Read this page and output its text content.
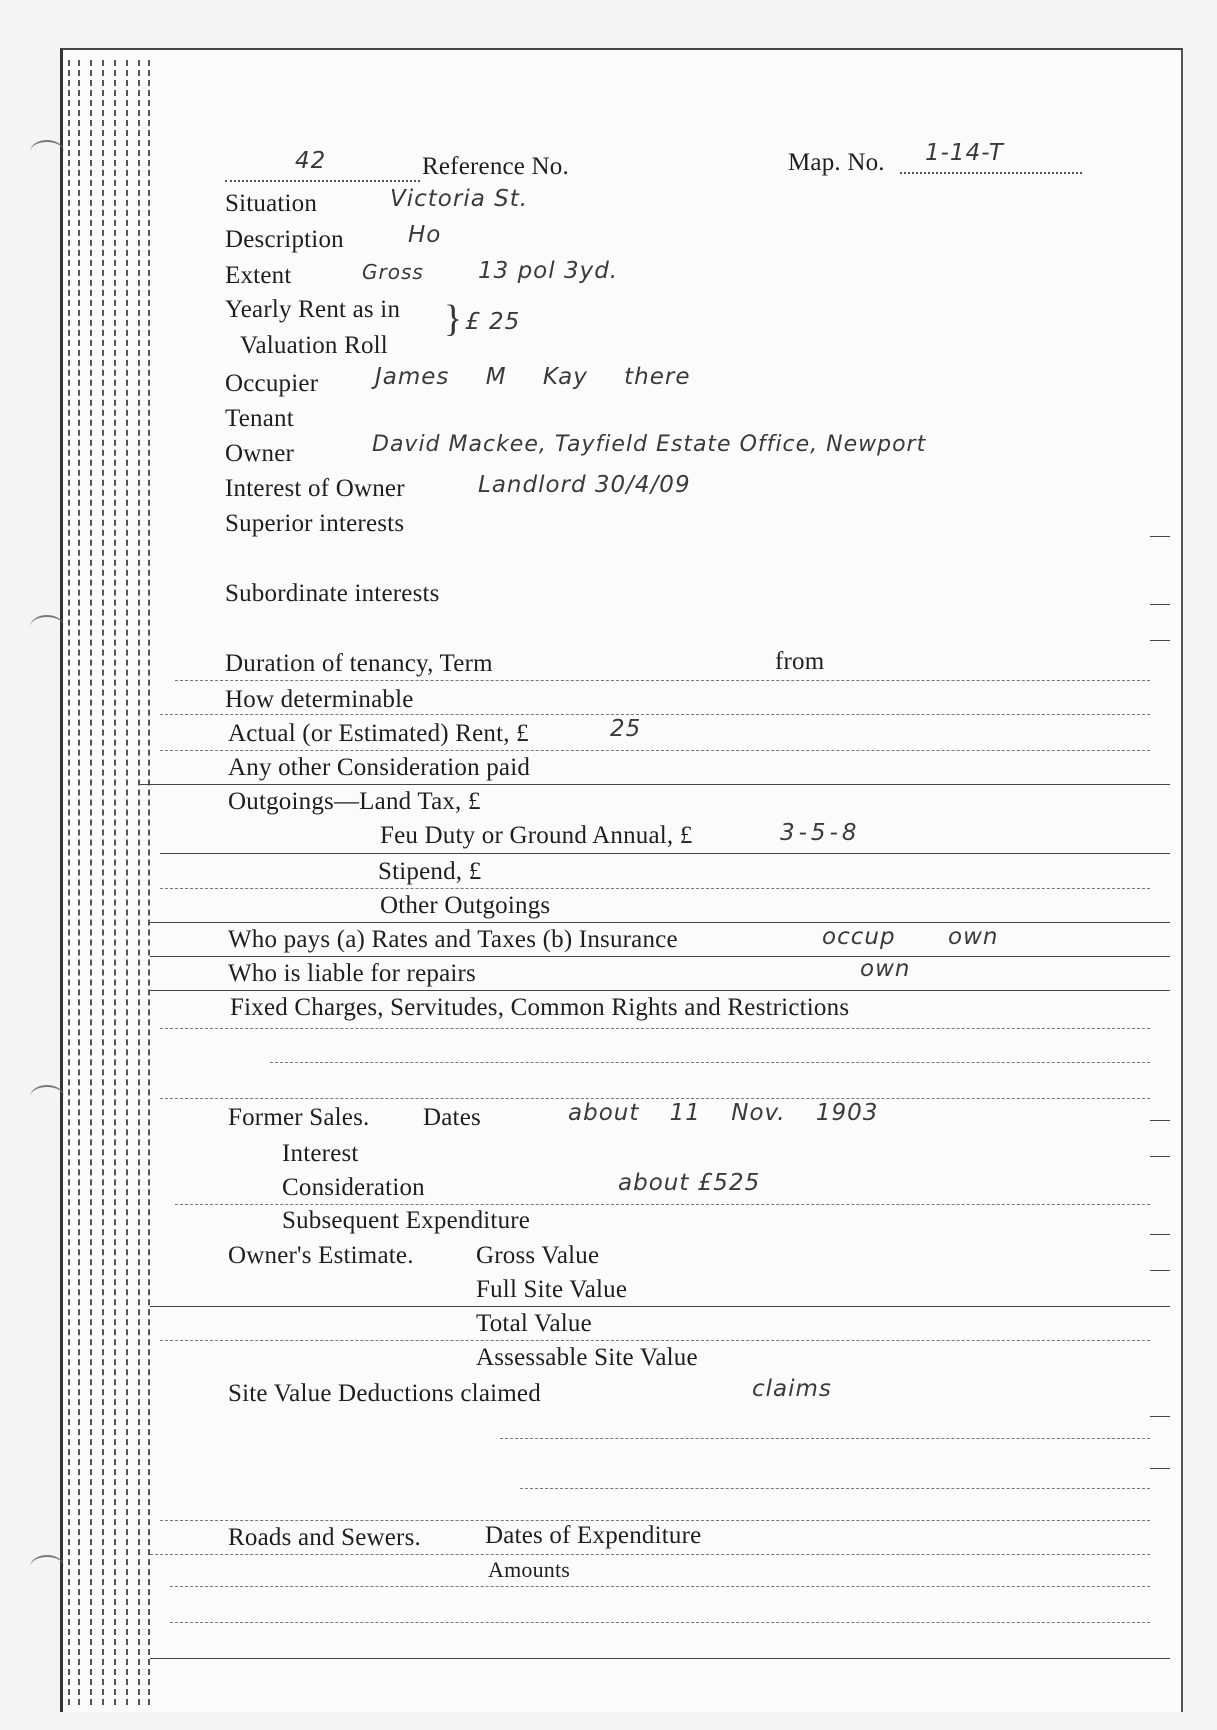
42	Reference No.	Map. No. 1-14-T
Situation	Victoria St.
Description	Ho
Extent	Gross 13 pol 3yd.
Yearly Rent as in
Valuation Roll
} £ 25
Occupier James M Kay there
Tenant
Owner	David Mackee, Tayfield Estate Office, Newport
Interest of Owner	Landlord 30/4/09
Superior interests
Subordinate interests
Duration of tenancy, Term	from
How determinable
Actual (or Estimated) Rent, £	25
Any other Consideration paid
Outgoings—Land Tax, £
Feu Duty or Ground Annual, £	3-5-8
Stipend, £
Other Outgoings
Who pays (a) Rates and Taxes (b) Insurance	occup own
Who is liable for repairs	own
Fixed Charges, Servitudes, Common Rights and Restrictions
Former Sales. Dates	about 11 Nov. 1903
Interest
Consideration	about £525
Subsequent Expenditure
Owner's Estimate. Gross Value
Full Site Value
Total Value
Assessable Site Value
Site Value Deductions claimed	claims
Roads and Sewers.	Dates of Expenditure
Amounts
